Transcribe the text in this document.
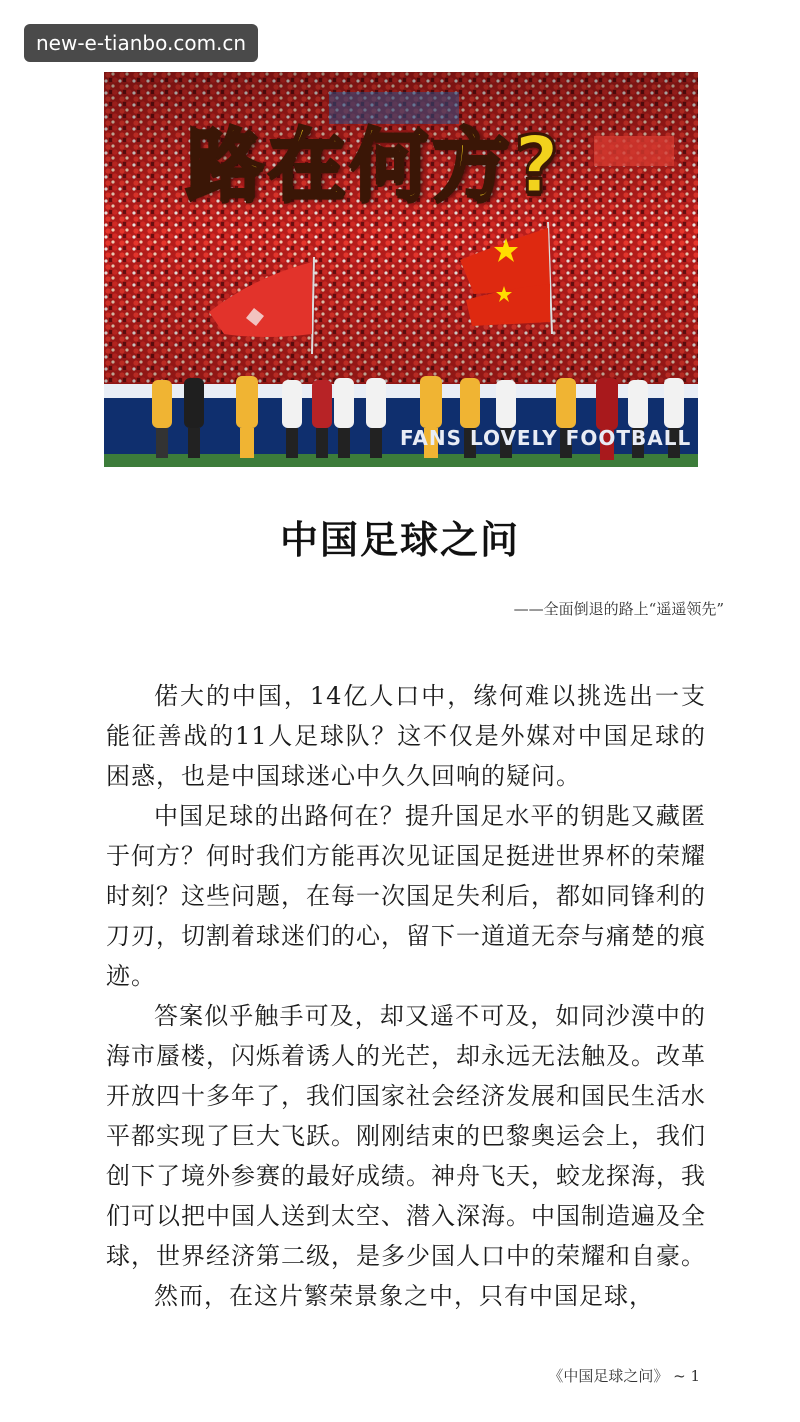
new-e-tianbo.com.cn
路在何方?
FANS LOVELY FOOTBALL
中国足球之问
——全面倒退的路上“遥遥领先”

偌大的中国，14亿人口中，缘何难以挑选出一支能征善战的11人足球队？这不仅是外媒对中国足球的困惑，也是中国球迷心中久久回响的疑问。

中国足球的出路何在？提升国足水平的钥匙又藏匿于何方？何时我们方能再次见证国足挺进世界杯的荣耀时刻？这些问题，在每一次国足失利后，都如同锋利的刀刃，切割着球迷们的心，留下一道道无奈与痛楚的痕迹。

答案似乎触手可及，却又遥不可及，如同沙漠中的海市蜃楼，闪烁着诱人的光芒，却永远无法触及。改革开放四十多年了，我们国家社会经济发展和国民生活水平都实现了巨大飞跃。刚刚结束的巴黎奥运会上，我们创下了境外参赛的最好成绩。神舟飞天，蛟龙探海，我们可以把中国人送到太空、潜入深海。中国制造遍及全球，世界经济第二级，是多少国人口中的荣耀和自豪。

然而，在这片繁荣景象之中，只有中国足球，

《中国足球之问》 ~ 1
